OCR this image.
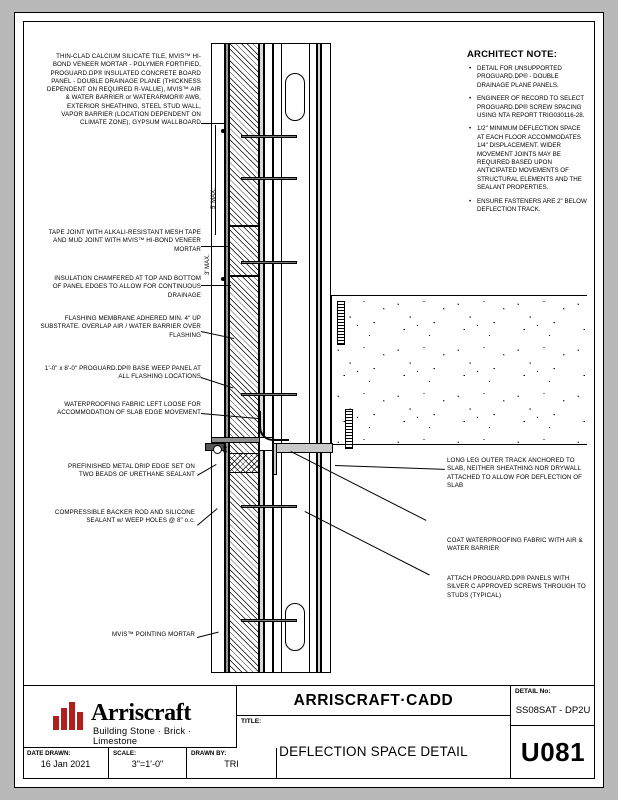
5' MAX.
3' MAX.
1/2"
THIN-CLAD CALCIUM SILICATE TILE, MVIS™ HI-BOND VENEER MORTAR - POLYMER FORTIFIED, PROGUARD.DP® INSULATED CONCRETE BOARD PANEL - DOUBLE DRAINAGE PLANE (THICKNESS DEPENDENT ON REQUIRED R-VALUE), MVIS™ AIR & WATER BARRIER or WATERARMOR® AWB, EXTERIOR SHEATHING, STEEL STUD WALL, VAPOR BARRIER (LOCATION DEPENDENT ON CLIMATE ZONE), GYPSUM WALLBOARD
TAPE JOINT WITH ALKALI-RESISTANT MESH TAPE AND MUD JOINT WITH MVIS™ HI-BOND VENEER MORTAR
INSULATION CHAMFERED AT TOP AND BOTTOM OF PANEL EDGES TO ALLOW FOR CONTINUOUS DRAINAGE
FLASHING MEMBRANE ADHERED MIN. 4" UP SUBSTRATE. OVERLAP AIR / WATER BARRIER OVER FLASHING
1'-0" x 8'-0" PROGUARD.DP® BASE WEEP PANEL AT ALL FLASHING LOCATIONS
WATERPROOFING FABRIC LEFT LOOSE FOR ACCOMMODATION OF SLAB EDGE MOVEMENT
PREFINISHED METAL DRIP EDGE SET ON TWO BEADS OF URETHANE SEALANT
COMPRESSIBLE BACKER ROD AND SILICONE SEALANT w/ WEEP HOLES @ 8" o.c.
MVIS™ POINTING MORTAR
LONG LEG OUTER TRACK ANCHORED TO SLAB, NEITHER SHEATHING NOR DRYWALL ATTACHED TO ALLOW FOR DEFLECTION OF SLAB
COAT WATERPROOFING FABRIC WITH AIR & WATER BARRIER
ATTACH PROGUARD.DP® PANELS WITH SILVER C APPROVED SCREWS THROUGH TO STUDS (TYPICAL)
ARCHITECT NOTE:
• DETAIL FOR UNSUPPORTED PROGUARD.DP® - DOUBLE DRAINAGE PLANE PANELS.
• ENGINEER OF RECORD TO SELECT PROGUARD.DP® SCREW SPACING USING NTA REPORT TRIG030116-28.
• 1/2" MINIMUM DEFLECTION SPACE AT EACH FLOOR ACCOMMODATES 1/4" DISPLACEMENT. WIDER MOVEMENT JOINTS MAY BE REQUIRED BASED UPON ANTICIPATED MOVEMENTS OF STRUCTURAL ELEMENTS AND THE SEALANT PROPERTIES.
• ENSURE FASTENERS ARE 2" BELOW DEFLECTION TRACK.
Arriscraft
Building Stone · Brick · Limestone
ARRISCRAFT·CADD
TITLE:
DEFLECTION SPACE DETAIL
DETAIL No:
SS08SAT - DP2U
U081
DATE DRAWN:
16 Jan 2021
SCALE:
3"=1'-0"
DRAWN BY:
TRI
